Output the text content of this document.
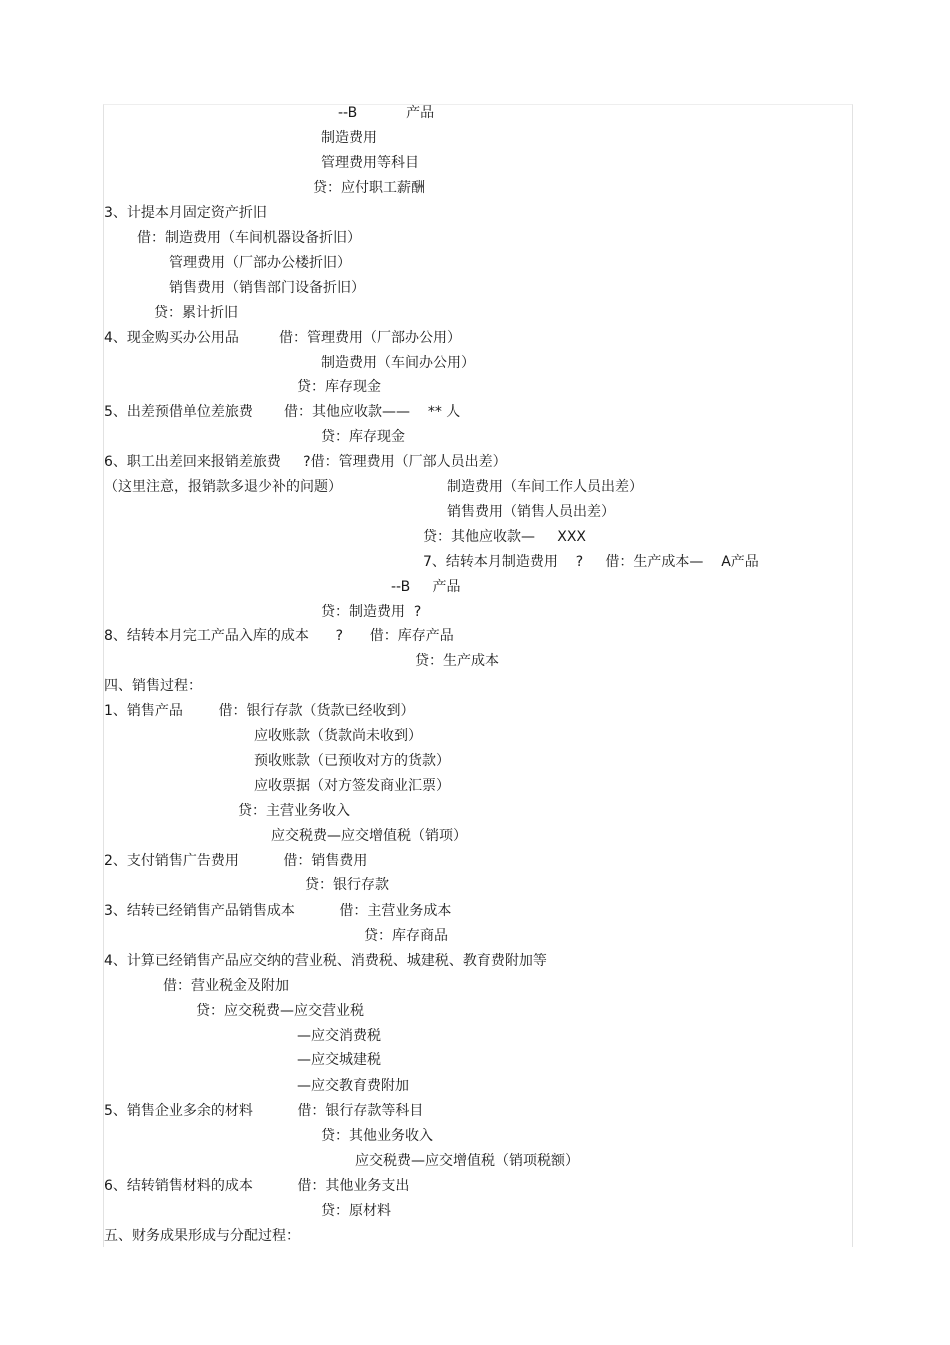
--B           产品
制造费用
管理费用等科目
贷：应付职工薪酬
3、计提本月固定资产折旧
借：制造费用（车间机器设备折旧）
管理费用（厂部办公楼折旧）
销售费用（销售部门设备折旧）
贷：累计折旧
4、现金购买办公用品         借：管理费用（厂部办公用）
制造费用（车间办公用）
贷：库存现金
5、出差预借单位差旅费       借：其他应收款——    ** 人
贷：库存现金
6、职工出差回来报销差旅费     ?借：管理费用（厂部人员出差）
（这里注意，报销款多退少补的问题）	制造费用（车间工作人员出差）
销售费用（销售人员出差）
贷：其他应收款—     XXX
7、结转本月制造费用    ?     借：生产成本—    A产品
--B     产品
贷：制造费用  ?
8、结转本月完工产品入库的成本      ?      借：库存产品
贷：生产成本
四、销售过程：
1、销售产品        借：银行存款（货款已经收到）
应收账款（货款尚未收到）
预收账款（已预收对方的货款）
应收票据（对方签发商业汇票）
贷：主营业务收入
应交税费—应交增值税（销项）
2、支付销售广告费用          借：销售费用
贷：银行存款
3、结转已经销售产品销售成本          借：主营业务成本
贷：库存商品
4、计算已经销售产品应交纳的营业税、消费税、城建税、教育费附加等
借：营业税金及附加
贷：应交税费—应交营业税
—应交消费税
—应交城建税
—应交教育费附加
5、销售企业多余的材料          借：银行存款等科目
贷：其他业务收入
应交税费—应交增值税（销项税额）
6、结转销售材料的成本          借：其他业务支出
贷：原材料
五、财务成果形成与分配过程：
